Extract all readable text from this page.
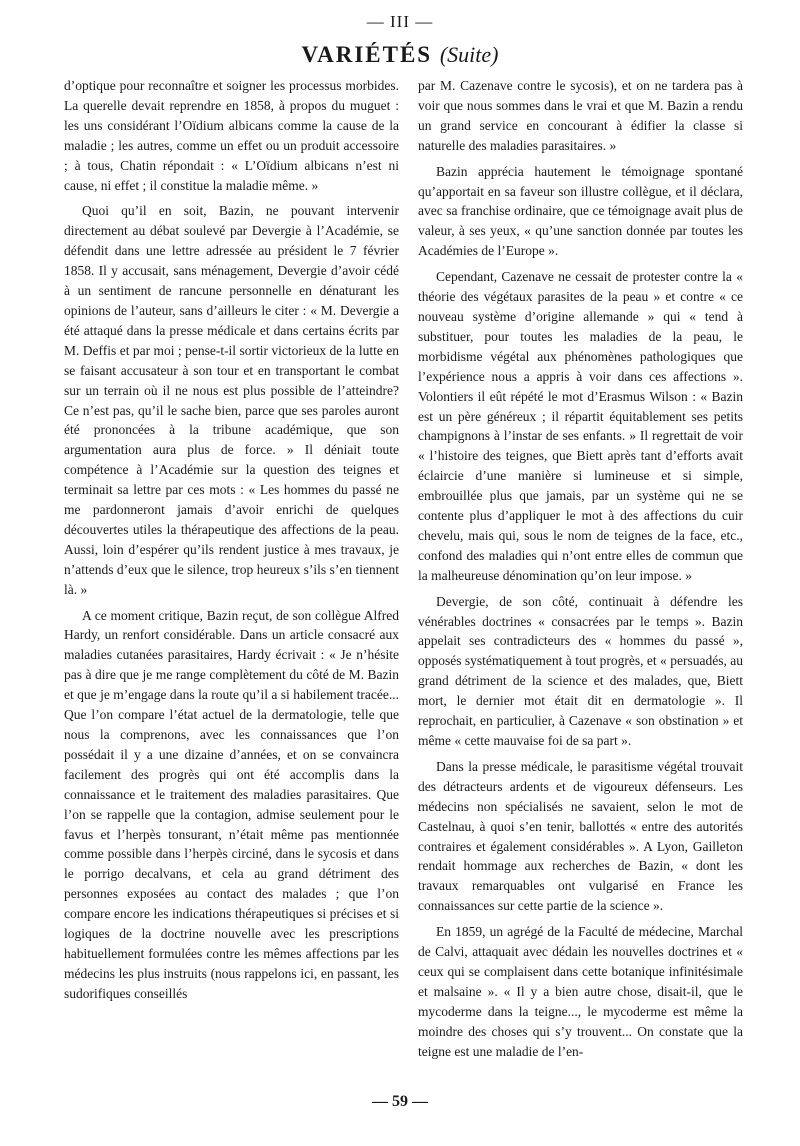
— III —
VARIÉTÉS (Suite)

d’optique pour reconnaître et soigner les processus morbides. La querelle devait reprendre en 1858, à propos du muguet : les uns considérant l’Oïdium albicans comme la cause de la maladie ; les autres, comme un effet ou un produit accessoire ; à tous, Chatin répondait : « L’Oïdium albicans n’est ni cause, ni effet ; il constitue la maladie même. »

Quoi qu’il en soit, Bazin, ne pouvant intervenir directement au débat soulevé par Devergie à l’Académie, se défendit dans une lettre adressée au président le 7 février 1858. Il y accusait, sans ménagement, Devergie d’avoir cédé à un sentiment de rancune personnelle en dénaturant les opinions de l’auteur, sans d’ailleurs le citer : « M. Devergie a été attaqué dans la presse médicale et dans certains écrits par M. Deffis et par moi ; pense-t-il sortir victorieux de la lutte en se faisant accusateur à son tour et en transportant le combat sur un terrain où il ne nous est plus possible de l’atteindre? Ce n’est pas, qu’il le sache bien, parce que ses paroles auront été prononcées à la tribune académique, que son argumentation aura plus de force. » Il déniait toute compétence à l’Académie sur la question des teignes et terminait sa lettre par ces mots : « Les hommes du passé ne me pardonneront jamais d’avoir enrichi de quelques découvertes utiles la thérapeutique des affections de la peau. Aussi, loin d’espérer qu’ils rendent justice à mes travaux, je n’attends d’eux que le silence, trop heureux s’ils s’en tiennent là. »

A ce moment critique, Bazin reçut, de son collègue Alfred Hardy, un renfort considérable. Dans un article consacré aux maladies cutanées parasitaires, Hardy écrivait : « Je n’hésite pas à dire que je me range complètement du côté de M. Bazin et que je m’engage dans la route qu’il a si habilement tracée... Que l’on compare l’état actuel de la dermatologie, telle que nous la comprenons, avec les connaissances que l’on possédait il y a une dizaine d’années, et on se convaincra facilement des progrès qui ont été accomplis dans la connaissance et le traitement des maladies parasitaires. Que l’on se rappelle que la contagion, admise seulement pour le favus et l’herpès tonsurant, n’était même pas mentionnée comme possible dans l’herpès circiné, dans le sycosis et dans le porrigo decalvans, et cela au grand détriment des personnes exposées au contact des malades ; que l’on compare encore les indications thérapeutiques si précises et si logiques de la doctrine nouvelle avec les prescriptions habituellement formulées contre les mêmes affections par les médecins les plus instruits (nous rappelons ici, en passant, les sudorifiques conseillés

par M. Cazenave contre le sycosis), et on ne tardera pas à voir que nous sommes dans le vrai et que M. Bazin a rendu un grand service en concourant à édifier la classe si naturelle des maladies parasitaires. »

Bazin apprécia hautement le témoignage spontané qu’apportait en sa faveur son illustre collègue, et il déclara, avec sa franchise ordinaire, que ce témoignage avait plus de valeur, à ses yeux, « qu’une sanction donnée par toutes les Académies de l’Europe ».

Cependant, Cazenave ne cessait de protester contre la « théorie des végétaux parasites de la peau » et contre « ce nouveau système d’origine allemande » qui « tend à substituer, pour toutes les maladies de la peau, le morbidisme végétal aux phénomènes pathologiques que l’expérience nous a appris à voir dans ces affections ». Volontiers il eût répété le mot d’Erasmus Wilson : « Bazin est un père généreux ; il répartit équitablement ses petits champignons à l’instar de ses enfants. » Il regrettait de voir « l’histoire des teignes, que Biett après tant d’efforts avait éclaircie d’une manière si lumineuse et si simple, embrouillée plus que jamais, par un système qui ne se contente plus d’appliquer le mot à des affections du cuir chevelu, mais qui, sous le nom de teignes de la face, etc., confond des maladies qui n’ont entre elles de commun que la malheureuse dénomination qu’on leur impose. »

Devergie, de son côté, continuait à défendre les vénérables doctrines « consacrées par le temps ». Bazin appelait ses contradicteurs des « hommes du passé », opposés systématiquement à tout progrès, et « persuadés, au grand détriment de la science et des malades, que, Biett mort, le dernier mot était dit en dermatologie ». Il reprochait, en particulier, à Cazenave « son obstination » et même « cette mauvaise foi de sa part ».

Dans la presse médicale, le parasitisme végétal trouvait des détracteurs ardents et de vigoureux défenseurs. Les médecins non spécialisés ne savaient, selon le mot de Castelnau, à quoi s’en tenir, ballottés « entre des autorités contraires et également considérables ». A Lyon, Gailleton rendait hommage aux recherches de Bazin, « dont les travaux remarquables ont vulgarisé en France les connaissances sur cette partie de la science ».

En 1859, un agrégé de la Faculté de médecine, Marchal de Calvi, attaquait avec dédain les nouvelles doctrines et « ceux qui se complaisent dans cette botanique infinitésimale et malsaine ». « Il y a bien autre chose, disait-il, que le mycoderme dans la teigne..., le mycoderme est même la moindre des choses qui s’y trouvent... On constate que la teigne est une maladie de l’en-

— 59 —
